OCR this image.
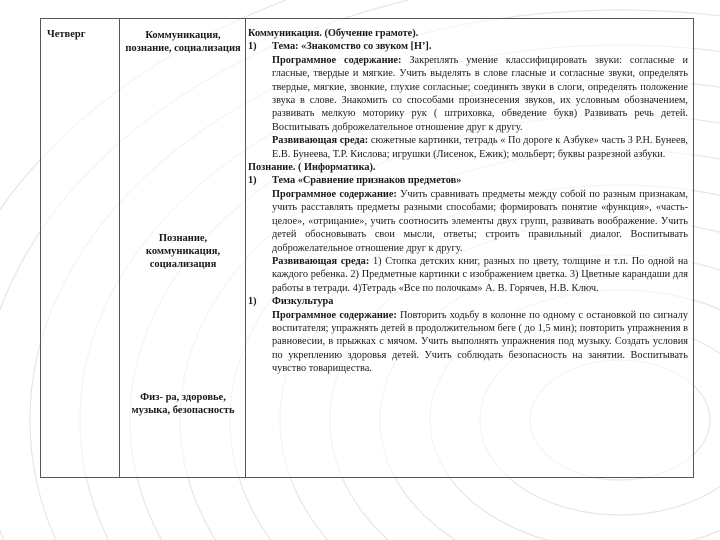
Четверг	Коммуникация, познание, социализация
Познание, коммуникация, социализация
Физ- ра, здоровье, музыка, безопасность

Коммуникация. (Обучение грамоте).

1) Тема: «Знакомство со звуком [Н’].

Программное содержание: Закреплять умение классифицировать звуки: согласные и гласные, твердые и мягкие. Учить выделять в слове гласные и согласные звуки, определять твердые, мягкие, звонкие, глухие согласные; соединять звуки в слоги, определять положение звука в слове. Знакомить со способами произнесения звуков, их условным обозначением, развивать мелкую моторику рук ( штриховка, обведение букв) Развивать речь детей. Воспитывать доброжелательное отношение друг к другу.

Развивающая среда: сюжетные картинки, тетрадь « По дороге к Азбуке» часть 3 Р.Н. Бунеев, Е.В. Бунеева, Т.Р. Кислова; игрушки (Лисенок, Ежик); мольберт; буквы разрезной азбуки.

Познание. ( Информатика).

1) Тема «Сравнение признаков предметов»

Программное содержание: Учить сравнивать предметы между собой по разным признакам, учить расставлять предметы разными способами; формировать понятие «функция», «часть- целое», «отрицание», учить соотносить элементы двух групп, развивать воображение. Учить детей обосновывать свои мысли, ответы; строить правильный диалог. Воспитывать доброжелательное отношение друг к другу.

Развивающая среда: 1) Стопка детских книг, разных по цвету, толщине и т.п. По одной на каждого ребенка. 2) Предметные картинки с изображением цветка. 3) Цветные карандаши для работы в тетради. 4)Тетрадь «Все по полочкам» А. В. Горячев, Н.В. Ключ.

1) Физкультура

Программное содержание: Повторить ходьбу в колонне по одному с остановкой по сигналу воспитателя; упражнять детей в продолжительном беге ( до 1,5 мин); повторить упражнения в равновесии, в прыжках с мячом. Учить выполнять упражнения под музыку. Создать условия по укреплению здоровья детей. Учить соблюдать безопасность на занятии. Воспитывать чувство товарищества.
